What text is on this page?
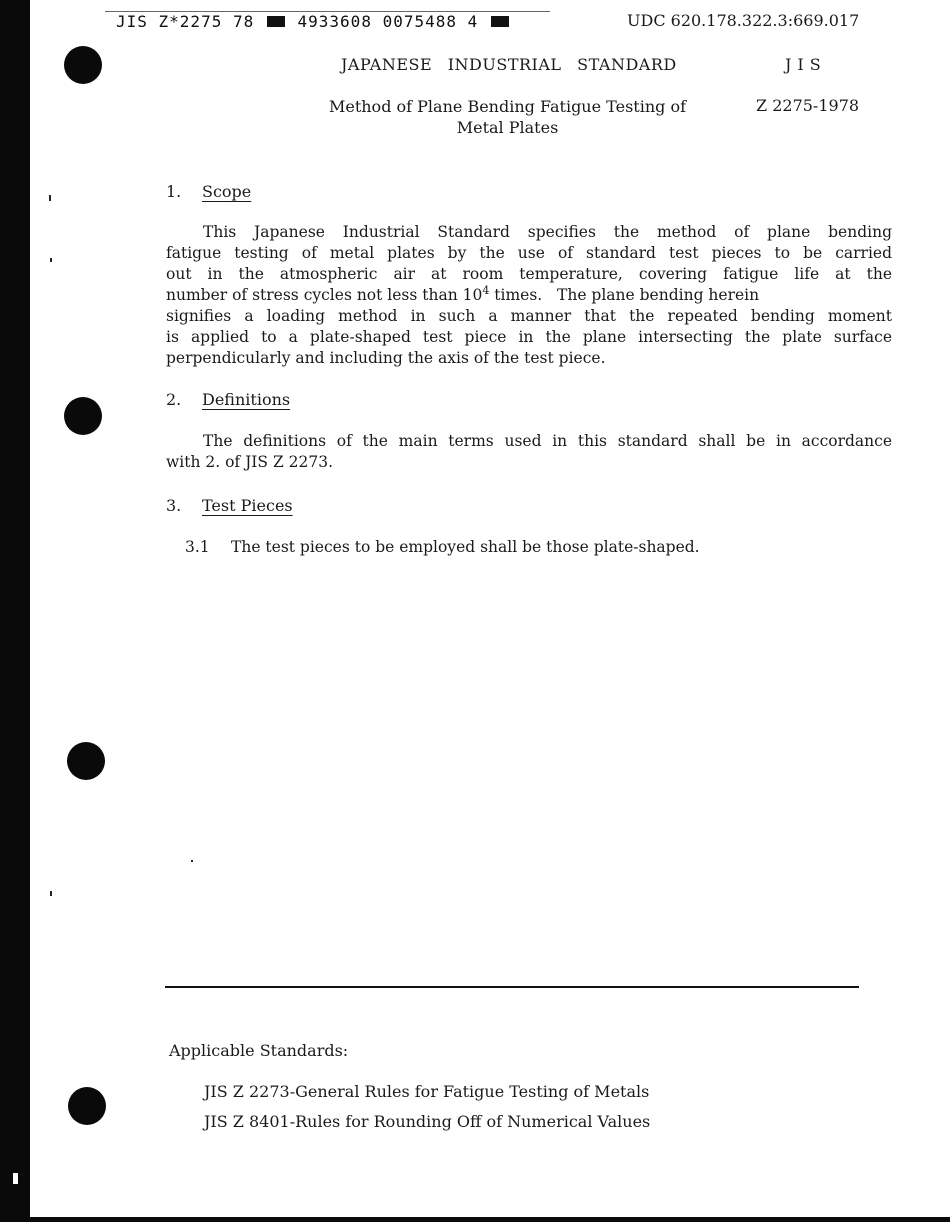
JIS Z*2275 78	4933608 0075488 4	UDC 620.178.322.3:669.017
JAPANESE INDUSTRIAL STANDARD	JIS
Method of Plane Bending Fatigue Testing of
Metal Plates
Z 2275-1978
1. Scope
This Japanese Industrial Standard specifies the method of plane bending
fatigue testing of metal plates by the use of standard test pieces to be carried
out in the atmospheric air at room temperature, covering fatigue life at the
number of stress cycles not less than $10^4$ times. The plane bending herein
signifies a loading method in such a manner that the repeated bending moment
is applied to a plate-shaped test piece in the plane intersecting the plate surface
perpendicularly and including the axis of the test piece.
2. Definitions
The definitions of the main terms used in this standard shall be in accordance
with 2. of JIS Z 2273.
3. Test Pieces
3.1 The test pieces to be employed shall be those plate-shaped.
Applicable Standards:
JIS Z 2273-General Rules for Fatigue Testing of Metals
JIS Z 8401-Rules for Rounding Off of Numerical Values
